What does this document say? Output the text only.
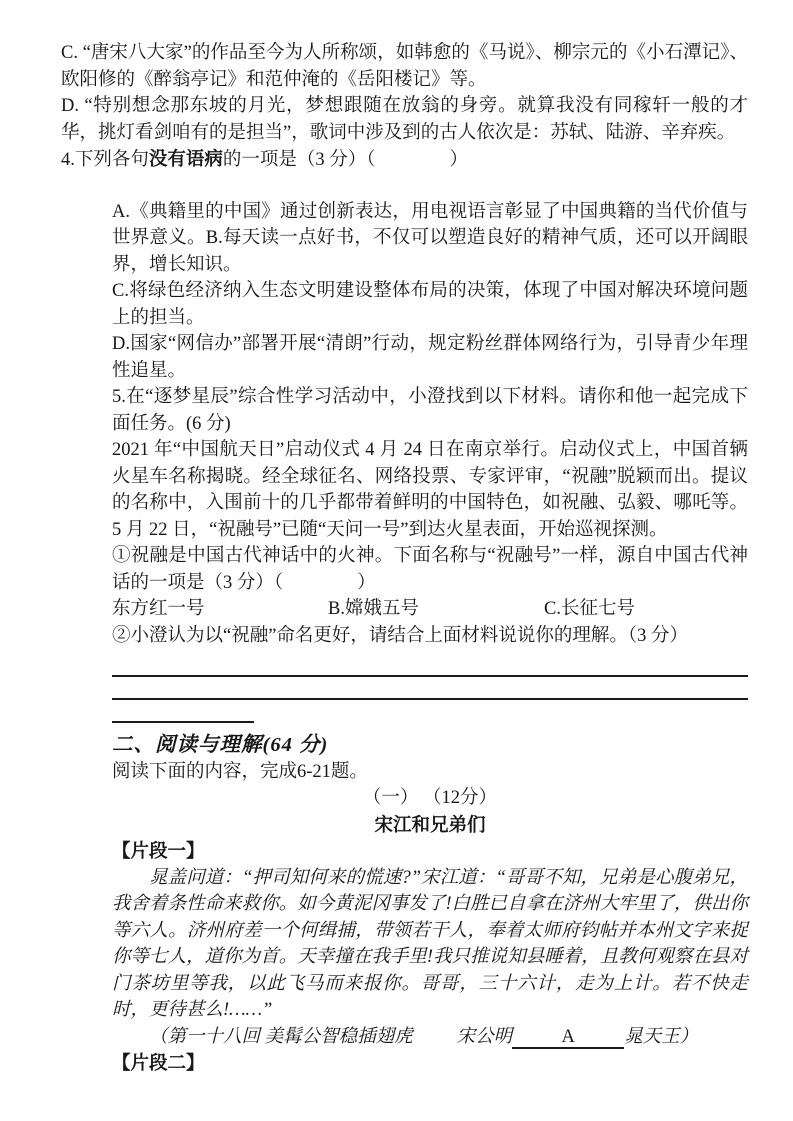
C. “唐宋八大家”的作品至今为人所称颂，如韩愈的《马说》、柳宗元的《小石潭记》、欧阳修的《醉翁亭记》和范仲淹的《岳阳楼记》等。

D. “特别想念那东坡的月光，梦想跟随在放翁的身旁。就算我没有同稼轩一般的才华，挑灯看剑咱有的是担当”，歌词中涉及到的古人依次是：苏轼、陆游、辛弃疾。

4.下列各句没有语病的一项是（3 分）（　　　　）

A.《典籍里的中国》通过创新表达，用电视语言彰显了中国典籍的当代价值与世界意义。B.每天读一点好书，不仅可以塑造良好的精神气质，还可以开阔眼界，增长知识。

C.将绿色经济纳入生态文明建设整体布局的决策，体现了中国对解决环境问题上的担当。

D.国家“网信办”部署开展“清朗”行动，规定粉丝群体网络行为，引导青少年理性追星。

5.在“逐梦星辰”综合性学习活动中，小澄找到以下材料。请你和他一起完成下面任务。(6 分)

2021 年“中国航天日”启动仪式 4 月 24 日在南京举行。启动仪式上，中国首辆火星车名称揭晓。经全球征名、网络投票、专家评审，“祝融”脱颖而出。提议的名称中，入围前十的几乎都带着鲜明的中国特色，如祝融、弘毅、哪吒等。5 月 22 日，“祝融号”已随“天问一号”到达火星表面，开始巡视探测。

①祝融是中国古代神话中的火神。下面名称与“祝融号”一样，源自中国古代神话的一项是（3 分）（　　　　）

东方红一号	B.嫦娥五号	C.长征七号

②小澄认为以“祝融”命名更好，请结合上面材料说说你的理解。（3 分）

二、阅读与理解(64 分)

阅读下面的内容，完成6-21题。

（一） （12分）

宋江和兄弟们

【片段一】

晁盖问道：“押司知何来的慌速?”宋江道：“哥哥不知，兄弟是心腹弟兄，我舍着条性命来救你。如今黄泥冈事发了!白胜已自拿在济州大牢里了，供出你等六人。济州府差一个何缉捕，带领若干人，奉着太师府钧帖并本州文字来捉你等七人，道你为首。天幸撞在我手里!我只推说知县睡着，且教何观察在县对门茶坊里等我，以此飞马而来报你。哥哥，三十六计，走为上计。若不快走时，更待甚么!……”

（第一十八回 美髯公智稳插翅虎 宋公明	A	晁天王）

【片段二】
